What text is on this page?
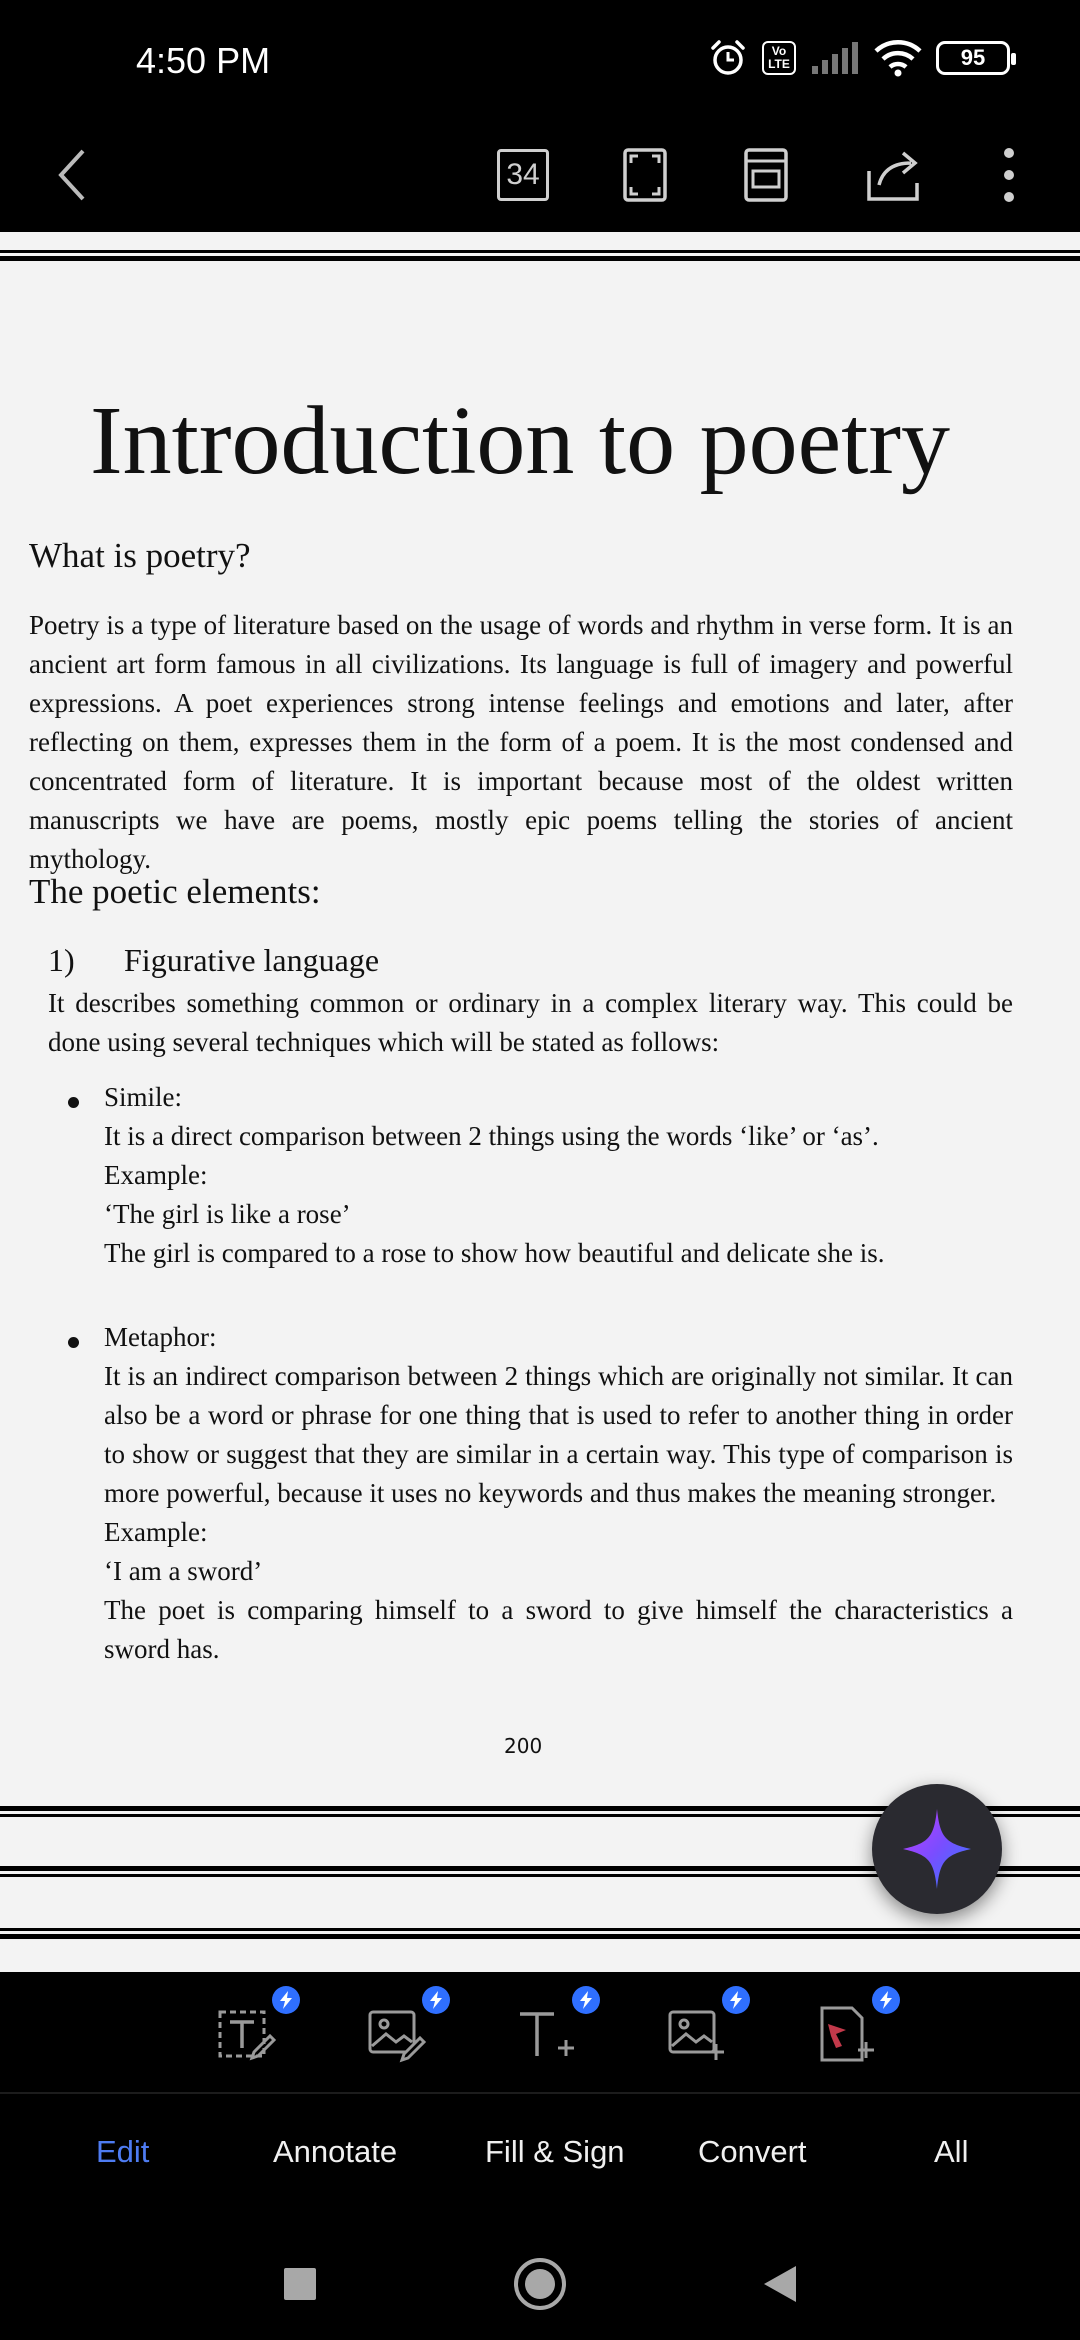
4:50 PM	Vo LTE	95
34
Introduction to poetry
What is poetry?
Poetry is a type of literature based on the usage of words and rhythm in verse form. It is an ancient art form famous in all civilizations. Its language is full of imagery and powerful expressions. A poet experiences strong intense feelings and emotions and later, after reflecting on them, expresses them in the form of a poem. It is the most condensed and concentrated form of literature. It is important because most of the oldest written manuscripts we have are poems, mostly epic poems telling the stories of ancient mythology.
The poetic elements:
1) Figurative language
It describes something common or ordinary in a complex literary way. This could be done using several techniques which will be stated as follows:
Simile:
It is a direct comparison between 2 things using the words ‘like’ or ‘as’.
Example:
‘The girl is like a rose’
The girl is compared to a rose to show how beautiful and delicate she is.
Metaphor:
It is an indirect comparison between 2 things which are originally not similar. It can also be a word or phrase for one thing that is used to refer to another thing in order to show or suggest that they are similar in a certain way. This type of comparison is more powerful, because it uses no keywords and thus makes the meaning stronger.
Example:
‘I am a sword’
The poet is comparing himself to a sword to give himself the characteristics a sword has.
200
Edit	Annotate	Fill & Sign Convert	All
